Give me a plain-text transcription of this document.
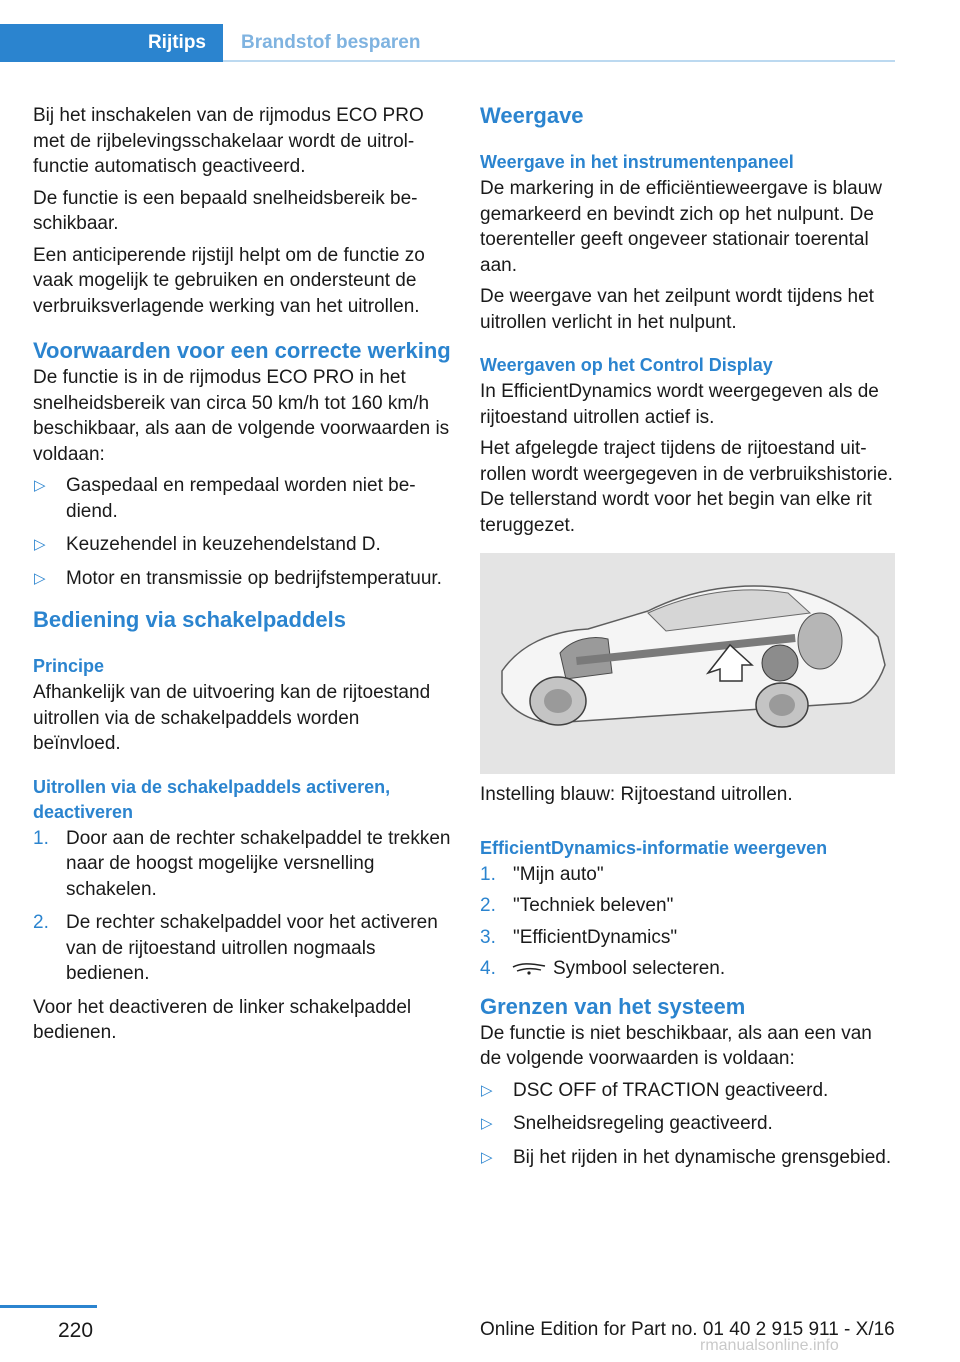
Rijtips	Brandstof besparen

Bij het inschakelen van de rijmodus ECO PRO met de rijbelevingsschakelaar wordt de uitrolfunctie automatisch geactiveerd.

De functie is een bepaald snelheidsbereik beschikbaar.

Een anticiperende rijstijl helpt om de functie zo vaak mogelijk te gebruiken en ondersteunt de verbruiksverlagende werking van het uitrollen.

Voorwaarden voor een correcte werking

De functie is in de rijmodus ECO PRO in het snelheidsbereik van circa 50 km/h tot 160 km/h beschikbaar, als aan de volgende voorwaarden is voldaan:

▷ Gaspedaal en rempedaal worden niet bediend.
▷ Keuzehendel in keuzehendelstand D.
▷ Motor en transmissie op bedrijfstemperatuur.
Bediening via schakelpaddels
Principe

Afhankelijk van de uitvoering kan de rijtoestand uitrollen via de schakelpaddels worden beïnvloed.

Uitrollen via de schakelpaddels activeren, deactiveren
1. Door aan de rechter schakelpaddel te trekken naar de hoogst mogelijke versnelling schakelen.
2. De rechter schakelpaddel voor het activeren van de rijtoestand uitrollen nogmaals bedienen.

Voor het deactiveren de linker schakelpaddel bedienen.

Weergave
Weergave in het instrumentenpaneel

De markering in de efficiëntieweergave is blauw gemarkeerd en bevindt zich op het nulpunt. De toerenteller geeft ongeveer stationair toerental aan.

De weergave van het zeilpunt wordt tijdens het uitrollen verlicht in het nulpunt.

Weergaven op het Control Display

In EfficientDynamics wordt weergegeven als de rijtoestand uitrollen actief is.

Het afgelegde traject tijdens de rijtoestand uitrollen wordt weergegeven in de verbruikshistorie. De tellerstand wordt voor het begin van elke rit teruggezet.

Instelling blauw: Rijtoestand uitrollen.

EfficientDynamics-informatie weergeven
1. "Mijn auto"
2. "Techniek beleven"
3. "EfficientDynamics"
4.	Symbool selecteren.
Grenzen van het systeem

De functie is niet beschikbaar, als aan een van de volgende voorwaarden is voldaan:

▷ DSC OFF of TRACTION geactiveerd.
▷ Snelheidsregeling geactiveerd.
▷ Bij het rijden in het dynamische grensgebied.
220	Online Edition for Part no. 01 40 2 915 911 - X/16
rmanualsonline.info
